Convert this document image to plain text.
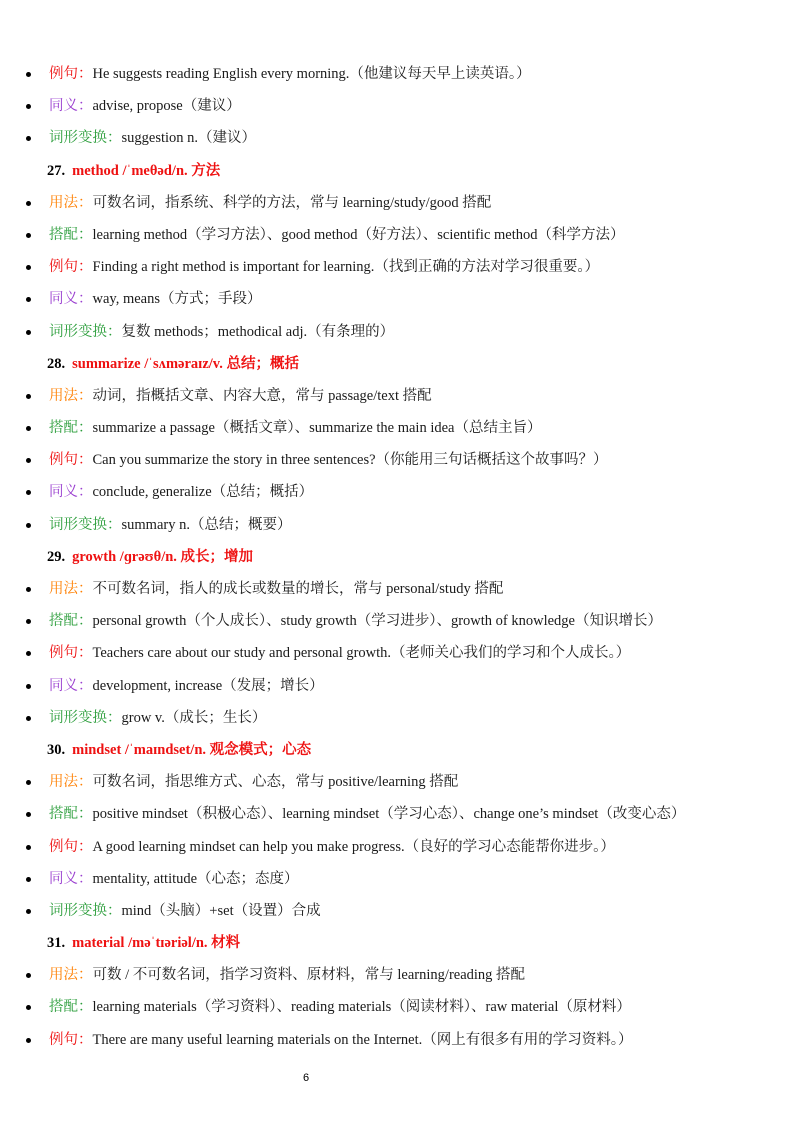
例句：He suggests reading English every morning.（他建议每天早上读英语。）
同义：advise, propose（建议）
词形变换：suggestion n.（建议）
27. method /ˈmeθəd/n. 方法
用法：可数名词，指系统、科学的方法，常与 learning/study/good 搭配
搭配：learning method（学习方法）、good method（好方法）、scientific method（科学方法）
例句：Finding a right method is important for learning.（找到正确的方法对学习很重要。）
同义：way, means（方式；手段）
词形变换：复数 methods；methodical adj.（有条理的）
28. summarize /ˈsʌməraɪz/v. 总结；概括
用法：动词，指概括文章、内容大意，常与 passage/text 搭配
搭配：summarize a passage（概括文章）、summarize the main idea（总结主旨）
例句：Can you summarize the story in three sentences?（你能用三句话概括这个故事吗？）
同义：conclude, generalize（总结；概括）
词形变换：summary n.（总结；概要）
29. growth /ɡrəʊθ/n. 成长；增加
用法：不可数名词，指人的成长或数量的增长，常与 personal/study 搭配
搭配：personal growth（个人成长）、study growth（学习进步）、growth of knowledge（知识增长）
例句：Teachers care about our study and personal growth.（老师关心我们的学习和个人成长。）
同义：development, increase（发展；增长）
词形变换：grow v.（成长；生长）
30. mindset /ˈmaɪndset/n. 观念模式；心态
用法：可数名词，指思维方式、心态，常与 positive/learning 搭配
搭配：positive mindset（积极心态）、learning mindset（学习心态）、change one’s mindset（改变心态）
例句：A good learning mindset can help you make progress.（良好的学习心态能帮你进步。）
同义：mentality, attitude（心态；态度）
词形变换：mind（头脑）+set（设置）合成
31. material /məˈtɪəriəl/n. 材料
用法：可数 / 不可数名词，指学习资料、原材料，常与 learning/reading 搭配
搭配：learning materials（学习资料）、reading materials（阅读材料）、raw material（原材料）
例句：There are many useful learning materials on the Internet.（网上有很多有用的学习资料。）
6
